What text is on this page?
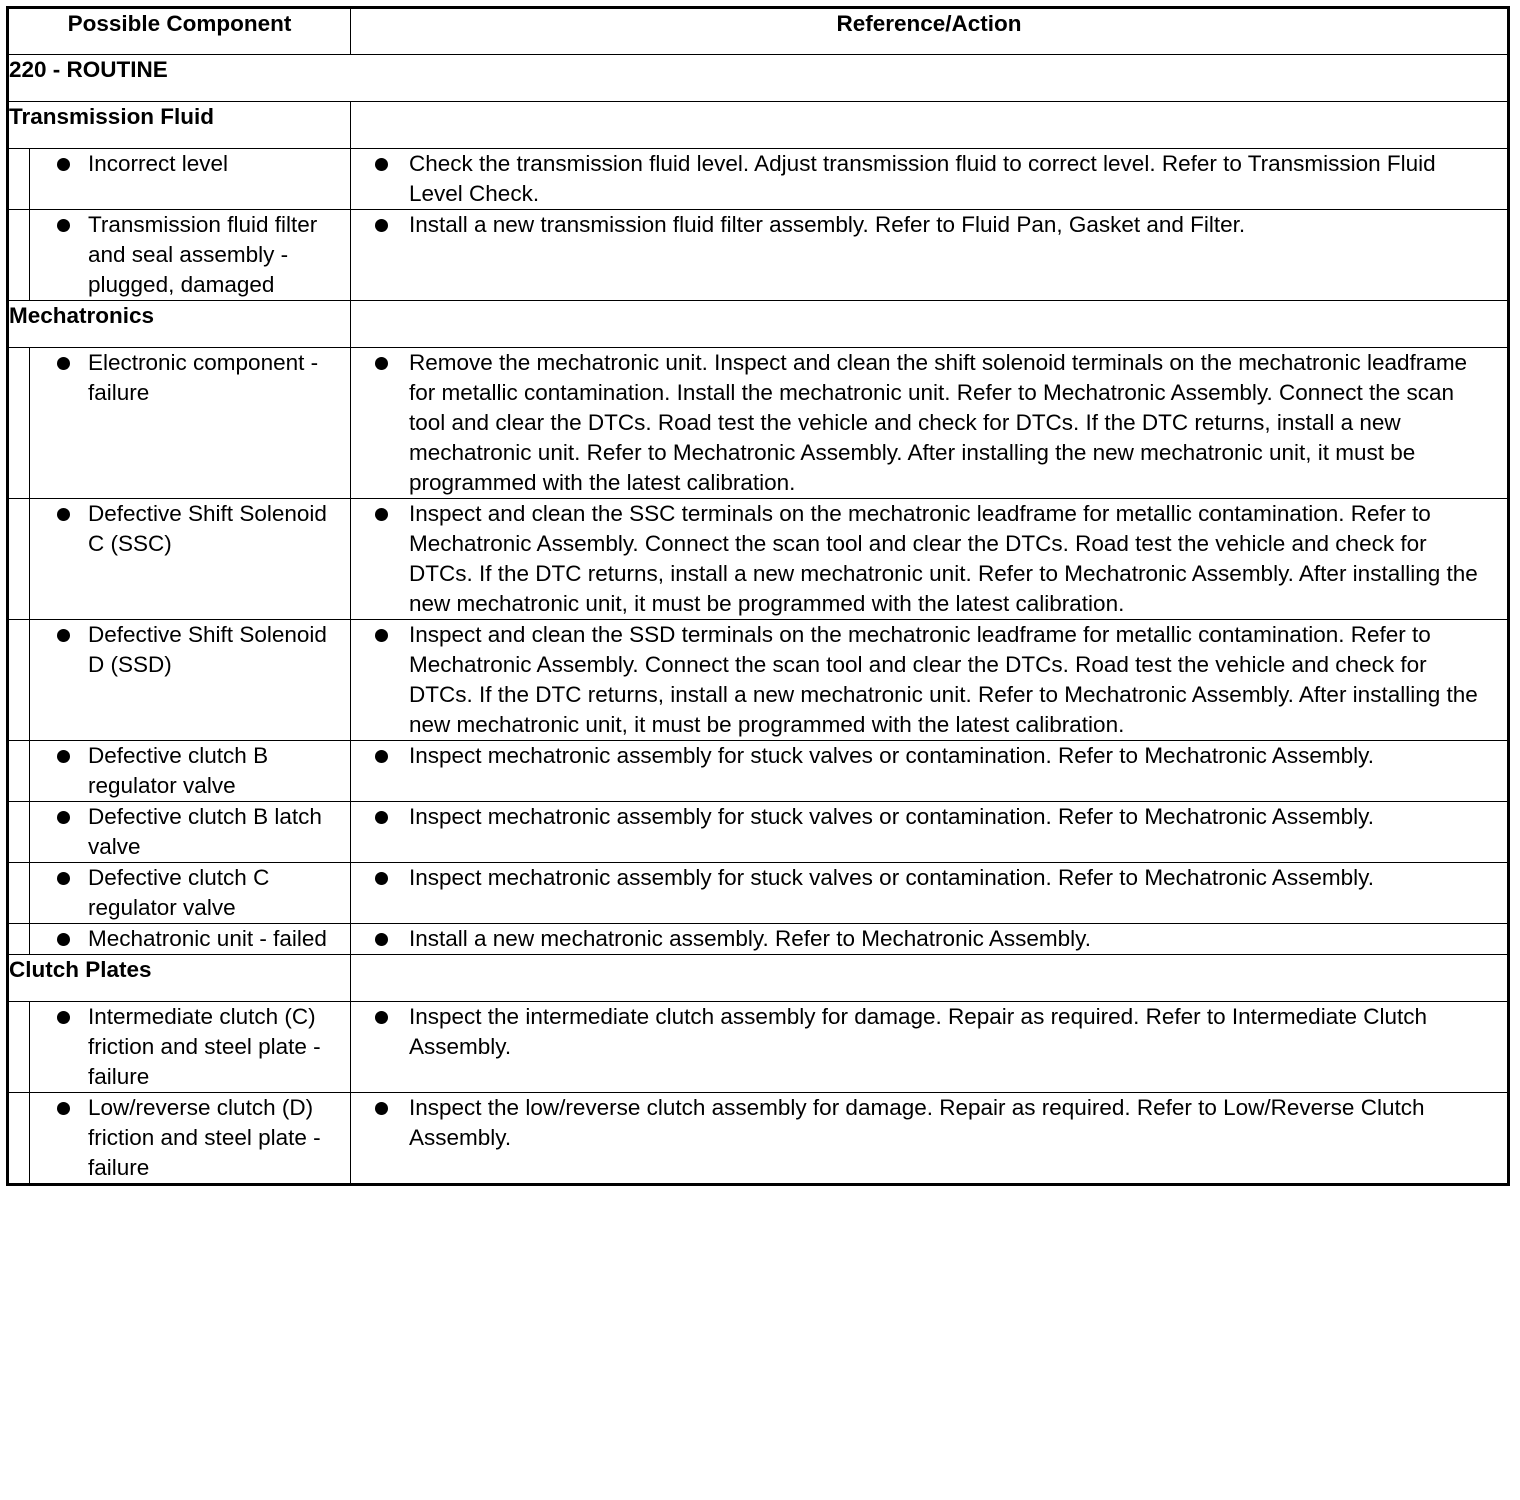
Possible Component		Reference/Action
220 - ROUTINE		
Transmission Fluid		

	Incorrect level	Check the transmission fluid level. Adjust transmission fluid to correct level. Refer to Transmission Fluid Level Check.

	Transmission fluid filter and seal assembly - plugged, damaged	Install a new transmission fluid filter assembly. Refer to Fluid Pan, Gasket and Filter.

Mechatronics		

	Electronic component - failure	Remove the mechatronic unit. Inspect and clean the shift solenoid terminals on the mechatronic leadframe for metallic contamination. Install the mechatronic unit. Refer to Mechatronic Assembly. Connect the scan tool and clear the DTCs. Road test the vehicle and check for DTCs. If the DTC returns, install a new mechatronic unit. Refer to Mechatronic Assembly. After installing the new mechatronic unit, it must be programmed with the latest calibration.

	Defective Shift Solenoid C (SSC)	Inspect and clean the SSC terminals on the mechatronic leadframe for metallic contamination. Refer to Mechatronic Assembly. Connect the scan tool and clear the DTCs. Road test the vehicle and check for DTCs. If the DTC returns, install a new mechatronic unit. Refer to Mechatronic Assembly. After installing the new mechatronic unit, it must be programmed with the latest calibration.

	Defective Shift Solenoid D (SSD)	Inspect and clean the SSD terminals on the mechatronic leadframe for metallic contamination. Refer to Mechatronic Assembly. Connect the scan tool and clear the DTCs. Road test the vehicle and check for DTCs. If the DTC returns, install a new mechatronic unit. Refer to Mechatronic Assembly. After installing the new mechatronic unit, it must be programmed with the latest calibration.

	Defective clutch B regulator valve	Inspect mechatronic assembly for stuck valves or contamination. Refer to Mechatronic Assembly.

	Defective clutch B latch valve	Inspect mechatronic assembly for stuck valves or contamination. Refer to Mechatronic Assembly.

	Defective clutch C regulator valve	Inspect mechatronic assembly for stuck valves or contamination. Refer to Mechatronic Assembly.

	Mechatronic unit - failed	Install a new mechatronic assembly. Refer to Mechatronic Assembly.

Clutch Plates		

	Intermediate clutch (C) friction and steel plate - failure	Inspect the intermediate clutch assembly for damage. Repair as required. Refer to Intermediate Clutch Assembly.

	Low/reverse clutch (D) friction and steel plate - failure	Inspect the low/reverse clutch assembly for damage. Repair as required. Refer to Low/Reverse Clutch Assembly.
